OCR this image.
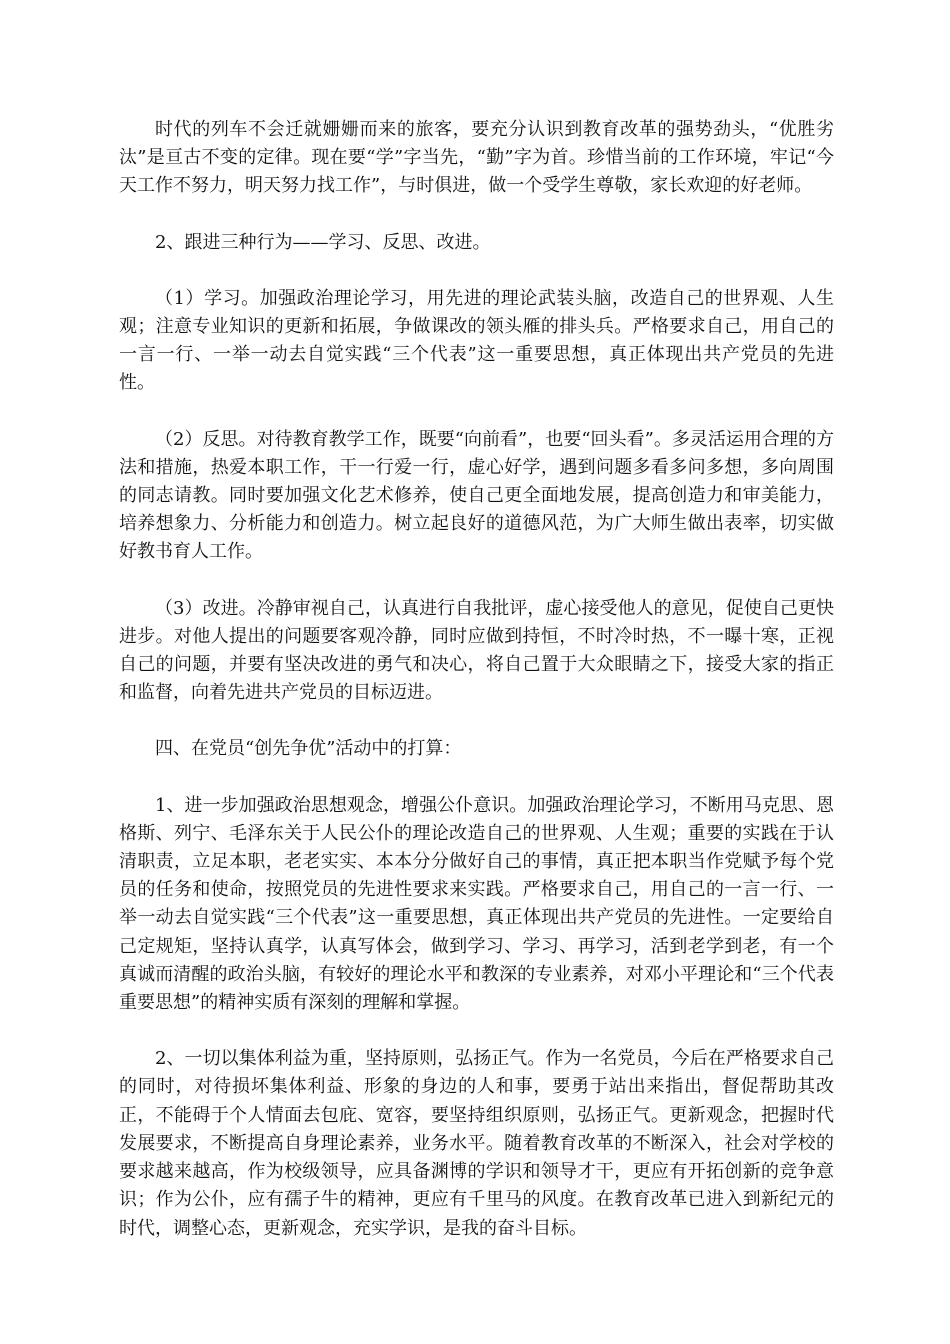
时代的列车不会迁就姗姗而来的旅客，要充分认识到教育改革的强势劲头，“优胜劣汰”是亘古不变的定律。现在要“学”字当先，“勤”字为首。珍惜当前的工作环境，牢记“今天工作不努力，明天努力找工作”，与时俱进，做一个受学生尊敬，家长欢迎的好老师。

2、跟进三种行为——学习、反思、改进。

（1）学习。加强政治理论学习，用先进的理论武装头脑，改造自己的世界观、人生观；注意专业知识的更新和拓展，争做课改的领头雁的排头兵。严格要求自己，用自己的一言一行、一举一动去自觉实践“三个代表”这一重要思想，真正体现出共产党员的先进性。

（2）反思。对待教育教学工作，既要“向前看”，也要“回头看”。多灵活运用合理的方法和措施，热爱本职工作，干一行爱一行，虚心好学，遇到问题多看多问多想，多向周围的同志请教。同时要加强文化艺术修养，使自己更全面地发展，提高创造力和审美能力，培养想象力、分析能力和创造力。树立起良好的道德风范，为广大师生做出表率，切实做好教书育人工作。

（3）改进。冷静审视自己，认真进行自我批评，虚心接受他人的意见，促使自己更快进步。对他人提出的问题要客观冷静，同时应做到持恒，不时冷时热，不一曝十寒，正视自己的问题，并要有坚决改进的勇气和决心，将自己置于大众眼睛之下，接受大家的指正和监督，向着先进共产党员的目标迈进。

四、在党员“创先争优”活动中的打算：

1、进一步加强政治思想观念，增强公仆意识。加强政治理论学习，不断用马克思、恩格斯、列宁、毛泽东关于人民公仆的理论改造自己的世界观、人生观；重要的实践在于认清职责，立足本职，老老实实、本本分分做好自己的事情，真正把本职当作党赋予每个党员的任务和使命，按照党员的先进性要求来实践。严格要求自己，用自己的一言一行、一举一动去自觉实践“三个代表”这一重要思想，真正体现出共产党员的先进性。一定要给自己定规矩，坚持认真学，认真写体会，做到学习、学习、再学习，活到老学到老，有一个真诚而清醒的政治头脑，有较好的理论水平和教深的专业素养，对邓小平理论和“三个代表重要思想”的精神实质有深刻的理解和掌握。

2、一切以集体利益为重，坚持原则，弘扬正气。作为一名党员，今后在严格要求自己的同时，对待损坏集体利益、形象的身边的人和事，要勇于站出来指出，督促帮助其改正，不能碍于个人情面去包庇、宽容，要坚持组织原则，弘扬正气。更新观念，把握时代发展要求，不断提高自身理论素养，业务水平。随着教育改革的不断深入，社会对学校的要求越来越高，作为校级领导，应具备渊博的学识和领导才干，更应有开拓创新的竞争意识；作为公仆，应有孺子牛的精神，更应有千里马的风度。在教育改革已进入到新纪元的时代，调整心态，更新观念，充实学识，是我的奋斗目标。
